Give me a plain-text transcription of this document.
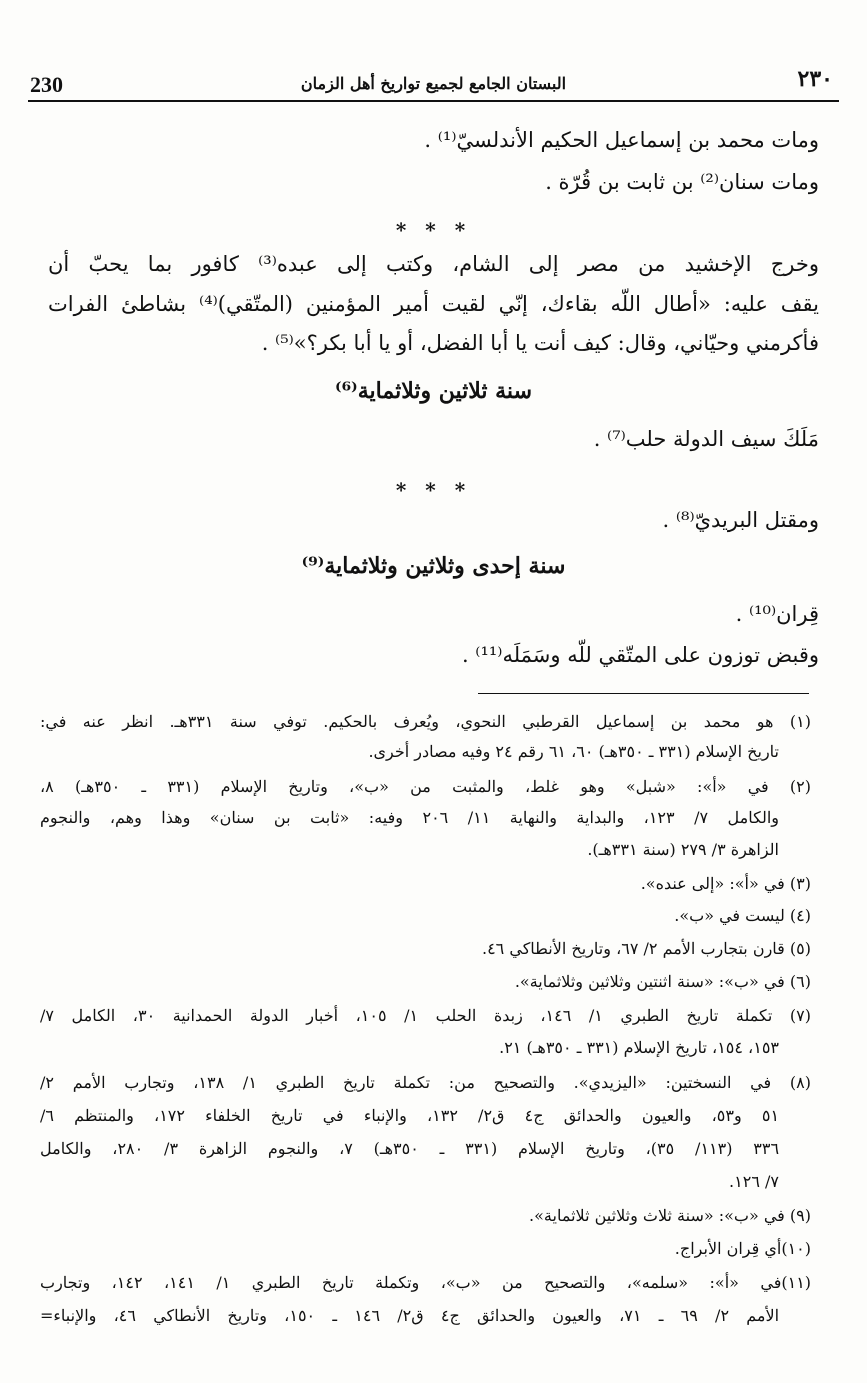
230	البستان الجامع لجميع تواريخ أهل الزمان	٢٣٠
ومات محمد بن إسماعيل الحكيم الأندلسيّ⁽¹⁾ .
ومات سنان⁽²⁾ بن ثابت بن قُرّة .
* * *
وخرج الإخشيد من مصر إلى الشام، وكتب إلى عبده⁽³⁾ كافور بما يحبّ أن
يقف عليه: «أطال اللّه بقاءك، إنّي لقيت أمير المؤمنين (المتّقي)⁽⁴⁾ بشاطئ الفرات
فأكرمني وحيّاني، وقال: كيف أنت يا أبا الفضل، أو يا أبا بكر؟»⁽⁵⁾ .
سنة ثلاثين وثلاثماية⁽⁶⁾
مَلَكَ سيف الدولة حلب⁽⁷⁾ .
* * *
ومقتل البريديّ⁽⁸⁾ .
سنة إحدى وثلاثين وثلاثماية⁽⁹⁾
قِران⁽¹⁰⁾ .
وقبض توزون على المتّقي للّه وسَمَلَه⁽¹¹⁾ .
(١) هو محمد بن إسماعيل القرطبي النحوي، ويُعرف بالحكيم. توفي سنة ٣٣١هـ. انظر عنه في:
تاريخ الإسلام (٣٣١ ـ ٣٥٠هـ) ٦٠، ٦١ رقم ٢٤ وفيه مصادر أخرى.
(٢) في «أ»: «شبل» وهو غلط، والمثبت من «ب»، وتاريخ الإسلام (٣٣١ ـ ٣٥٠هـ) ٨،
والكامل ٧/ ١٢٣، والبداية والنهاية ١١/ ٢٠٦ وفيه: «ثابت بن سنان» وهذا وهم، والنجوم
الزاهرة ٣/ ٢٧٩ (سنة ٣٣١هـ).
(٣) في «أ»: «إلى عنده».
(٤) ليست في «ب».
(٥) قارن بتجارب الأمم ٢/ ٦٧، وتاريخ الأنطاكي ٤٦.
(٦) في «ب»: «سنة اثنتين وثلاثين وثلاثماية».
(٧) تكملة تاريخ الطبري ١/ ١٤٦، زبدة الحلب ١/ ١٠٥، أخبار الدولة الحمدانية ٣٠، الكامل ٧/
١٥٣، ١٥٤، تاريخ الإسلام (٣٣١ ـ ٣٥٠هـ) ٢١.
(٨) في النسختين: «اليزيدي». والتصحيح من: تكملة تاريخ الطبري ١/ ١٣٨، وتجارب الأمم ٢/
٥١ و٥٣، والعيون والحدائق ج٤ ق٢/ ١٣٢، والإنباء في تاريخ الخلفاء ١٧٢، والمنتظم ٦/
٣٣٦ (١١٣/ ٣٥)، وتاريخ الإسلام (٣٣١ ـ ٣٥٠هـ) ٧، والنجوم الزاهرة ٣/ ٢٨٠، والكامل
٧/ ١٢٦.
(٩) في «ب»: «سنة ثلاث وثلاثين ثلاثماية».
(١٠)أي قِران الأبراج.
(١١)في «أ»: «سلمه»، والتصحيح من «ب»، وتكملة تاريخ الطبري ١/ ١٤١، ١٤٢، وتجارب
الأمم ٢/ ٦٩ ـ ٧١، والعيون والحدائق ج٤ ق٢/ ١٤٦ ـ ١٥٠، وتاريخ الأنطاكي ٤٦، والإنباء=
